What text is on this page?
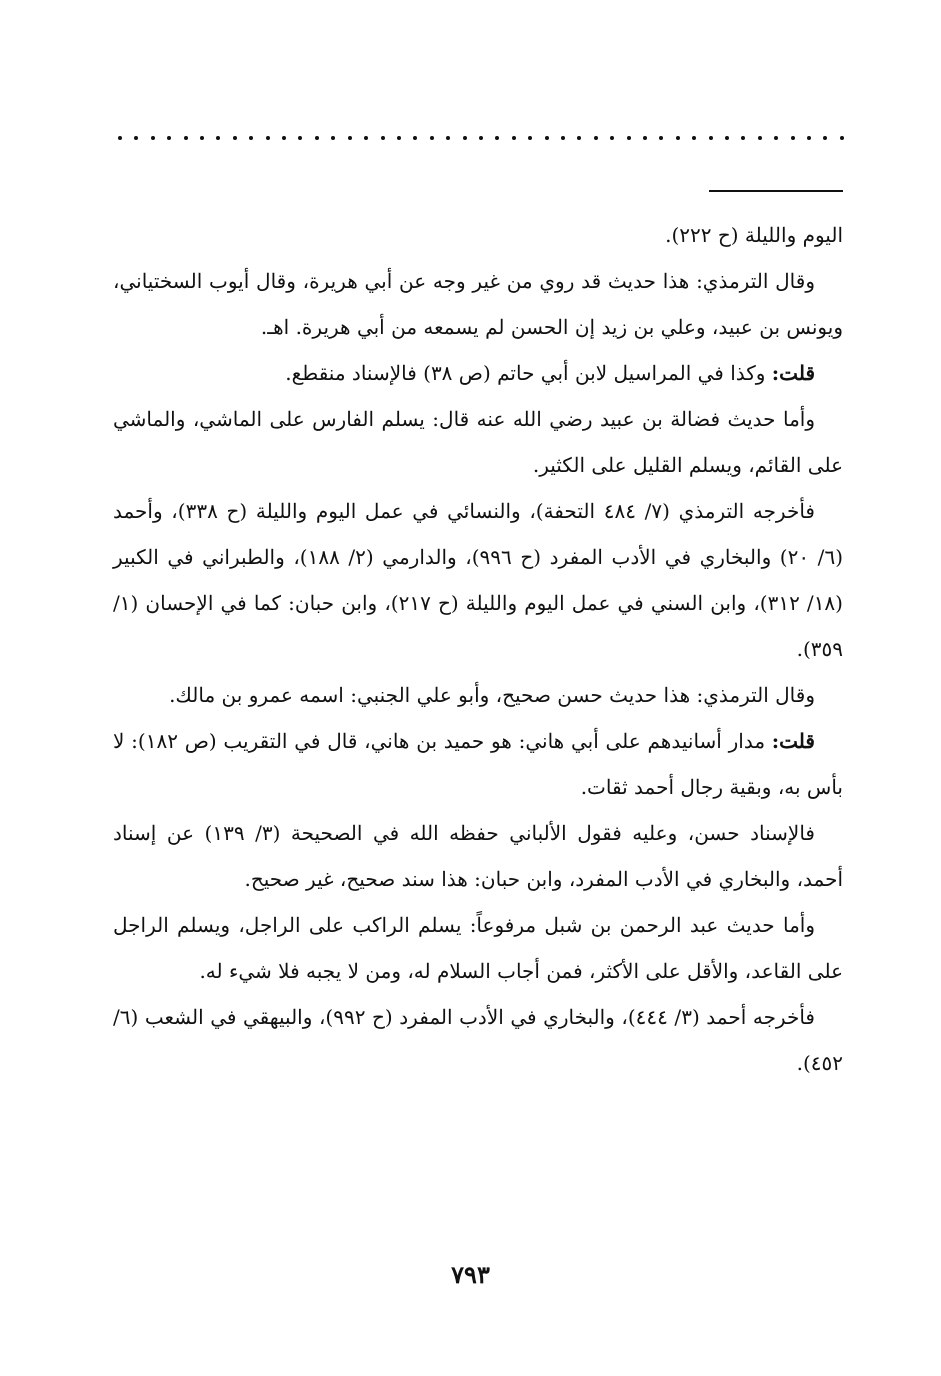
اليوم والليلة (ح ٢٢٢).

وقال الترمذي: هذا حديث قد روي من غير وجه عن أبي هريرة، وقال أيوب السختياني، ويونس بن عبيد، وعلي بن زيد إن الحسن لم يسمعه من أبي هريرة. اهـ.

قلت: وكذا في المراسيل لابن أبي حاتم (ص ٣٨) فالإسناد منقطع.

وأما حديث فضالة بن عبيد رضي الله عنه قال: يسلم الفارس على الماشي، والماشي على القائم، ويسلم القليل على الكثير.

فأخرجه الترمذي (٧/ ٤٨٤ التحفة)، والنسائي في عمل اليوم والليلة (ح ٣٣٨)، وأحمد (٦/ ٢٠) والبخاري في الأدب المفرد (ح ٩٩٦)، والدارمي (٢/ ١٨٨)، والطبراني في الكبير (١٨/ ٣١٢)، وابن السني في عمل اليوم والليلة (ح ٢١٧)، وابن حبان: كما في الإحسان (١/ ٣٥٩).

وقال الترمذي: هذا حديث حسن صحيح، وأبو علي الجنبي: اسمه عمرو بن مالك.

قلت: مدار أسانيدهم على أبي هاني: هو حميد بن هاني، قال في التقريب (ص ١٨٢): لا بأس به، وبقية رجال أحمد ثقات.

فالإسناد حسن، وعليه فقول الألباني حفظه الله في الصحيحة (٣/ ١٣٩) عن إسناد أحمد، والبخاري في الأدب المفرد، وابن حبان: هذا سند صحيح، غير صحيح.

وأما حديث عبد الرحمن بن شبل مرفوعاً: يسلم الراكب على الراجل، ويسلم الراجل على القاعد، والأقل على الأكثر، فمن أجاب السلام له، ومن لا يجبه فلا شيء له.

فأخرجه أحمد (٣/ ٤٤٤)، والبخاري في الأدب المفرد (ح ٩٩٢)، والبيهقي في الشعب (٦/ ٤٥٢).

٧٩٣
